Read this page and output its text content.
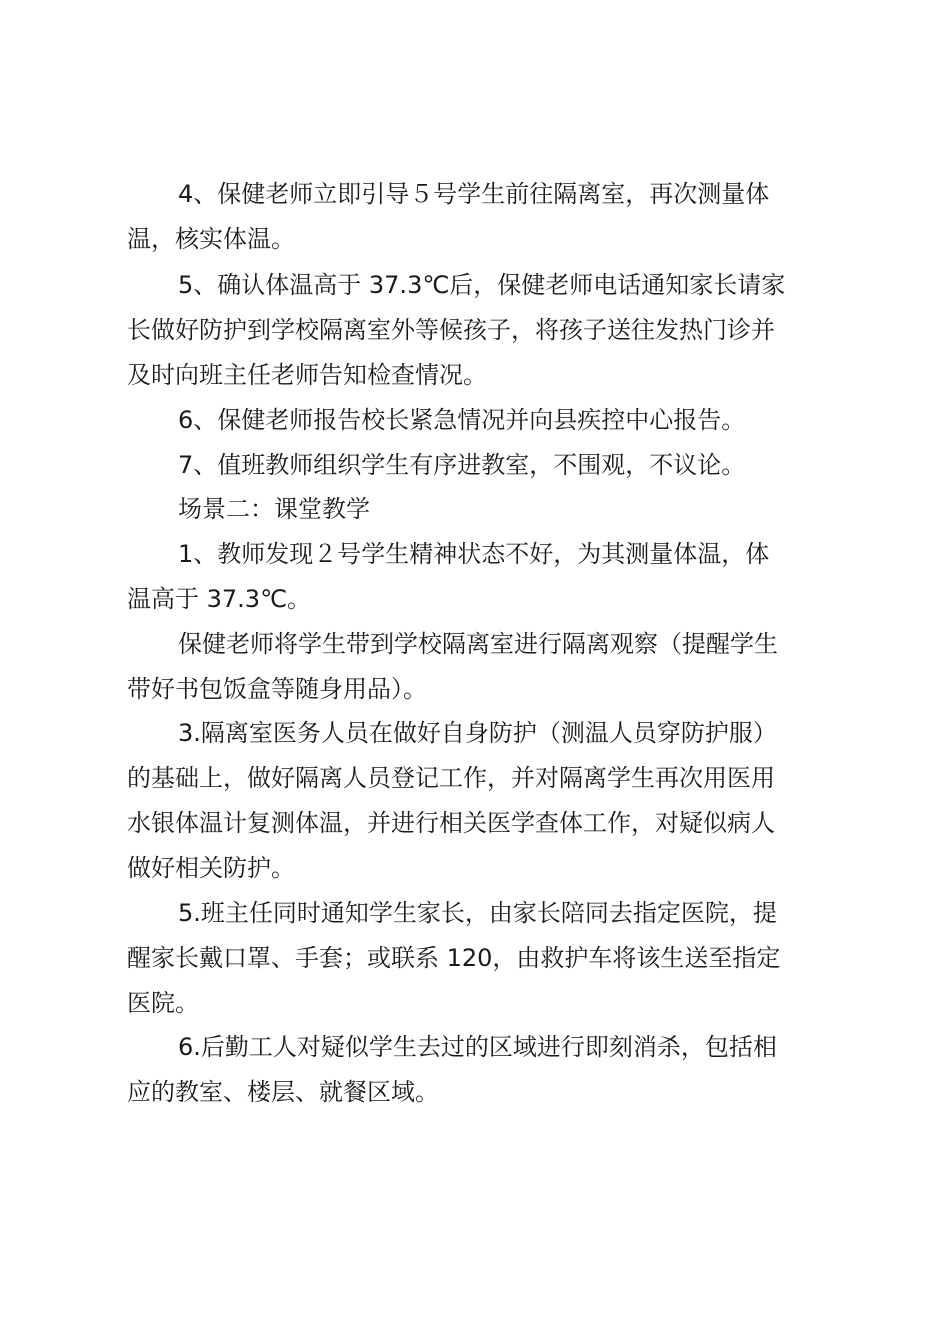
4、保健老师立即引导５号学生前往隔离室，再次测量体

温，核实体温。

5、确认体温高于 37.3℃后，保健老师电话通知家长请家

长做好防护到学校隔离室外等候孩子，将孩子送往发热门诊并

及时向班主任老师告知检查情况。

6、保健老师报告校长紧急情况并向县疾控中心报告。

7、值班教师组织学生有序进教室，不围观，不议论。

场景二：课堂教学

1、教师发现２号学生精神状态不好，为其测量体温，体

温高于 37.3℃。

保健老师将学生带到学校隔离室进行隔离观察（提醒学生

带好书包饭盒等随身用品）。

3.隔离室医务人员在做好自身防护（测温人员穿防护服）

的基础上，做好隔离人员登记工作，并对隔离学生再次用医用

水银体温计复测体温，并进行相关医学查体工作，对疑似病人

做好相关防护。

5.班主任同时通知学生家长，由家长陪同去指定医院，提

醒家长戴口罩、手套；或联系 120，由救护车将该生送至指定

医院。

6.后勤工人对疑似学生去过的区域进行即刻消杀，包括相

应的教室、楼层、就餐区域。
